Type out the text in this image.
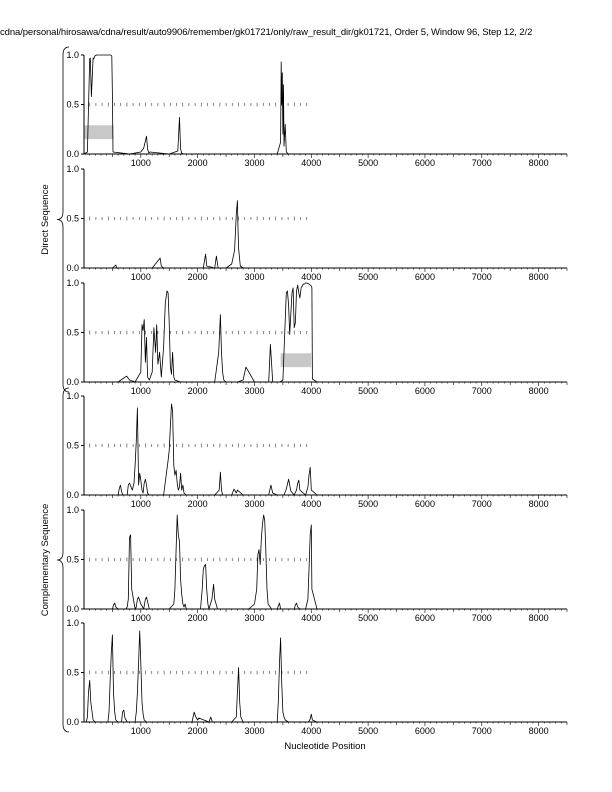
cdna/personal/hirosawa/cdna/result/auto9906/remember/gk01721/only/raw_result_dir/gk01721, Order 5, Window 96, Step 12, 2/2
0.0
0.5
1.0
1000	2000	3000	4000	5000	6000	7000	8000
0.0
0.5
1.0
1000	2000	3000	4000	5000	6000	7000	8000
0.0
0.5
1.0
1000	2000	3000	4000	5000	6000	7000	8000
0.0
0.5
1.0
1000	2000	3000	4000	5000	6000	7000	8000
0.0
0.5
1.0
1000	2000	3000	4000	5000	6000	7000	8000
0.0
0.5
1.0
1000	2000	3000	4000	5000	6000	7000	8000
Direct Sequence
Complementary Sequence
Nucleotide Position
